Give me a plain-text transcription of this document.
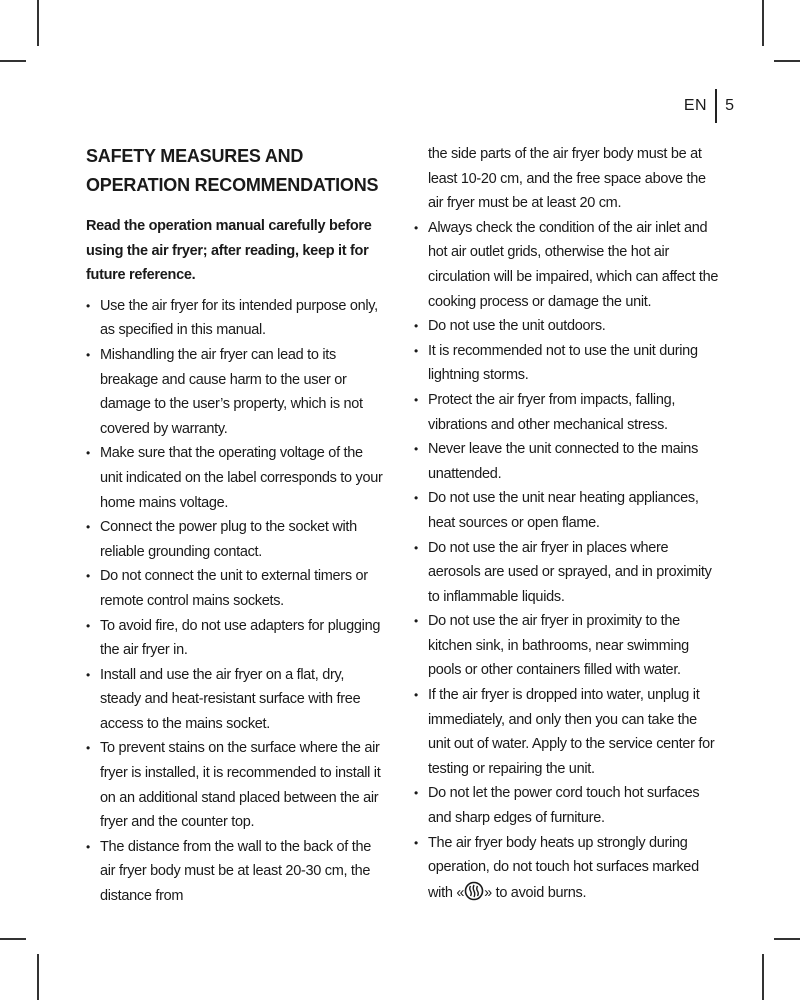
EN	5
SAFETY MEASURES AND OPERATION RECOMMENDATIONS

Read the operation manual carefully before using the air fryer; after reading, keep it for future reference.

• Use the air fryer for its intended purpose only, as specified in this manual.
• Mishandling the air fryer can lead to its breakage and cause harm to the user or damage to the user’s property, which is not covered by warranty.
• Make sure that the operating voltage of the unit indicated on the label corresponds to your home mains voltage.
• Connect the power plug to the socket with reliable grounding contact.
• Do not connect the unit to external timers or remote control mains sockets.
• To avoid fire, do not use adapters for plugging the air fryer in.
• Install and use the air fryer on a flat, dry, steady and heat-resistant surface with free access to the mains socket.
• To prevent stains on the surface where the air fryer is installed, it is recommended to install it on an additional stand placed between the air fryer and the counter top.
• The distance from the wall to the back of the air fryer body must be at least 20-30 cm, the distance from

the side parts of the air fryer body must be at least 10-20 cm, and the free space above the air fryer must be at least 20 cm.

• Always check the condition of the air inlet and hot air outlet grids, otherwise the hot air circulation will be impaired, which can affect the cooking process or damage the unit.
• Do not use the unit outdoors.
• It is recommended not to use the unit during lightning storms.
• Protect the air fryer from impacts, falling, vibrations and other mechanical stress.
• Never leave the unit connected to the mains unattended.
• Do not use the unit near heating appliances, heat sources or open flame.
• Do not use the air fryer in places where aerosols are used or sprayed, and in proximity to inflammable liquids.
• Do not use the air fryer in proximity to the kitchen sink, in bathrooms, near swimming pools or other containers filled with water.
• If the air fryer is dropped into water, unplug it immediately, and only then you can take the unit out of water. Apply to the service center for testing or repairing the unit.
• Do not let the power cord touch hot surfaces and sharp edges of furniture.
• The air fryer body heats up strongly during operation, do not touch hot surfaces marked with « » to avoid burns.
